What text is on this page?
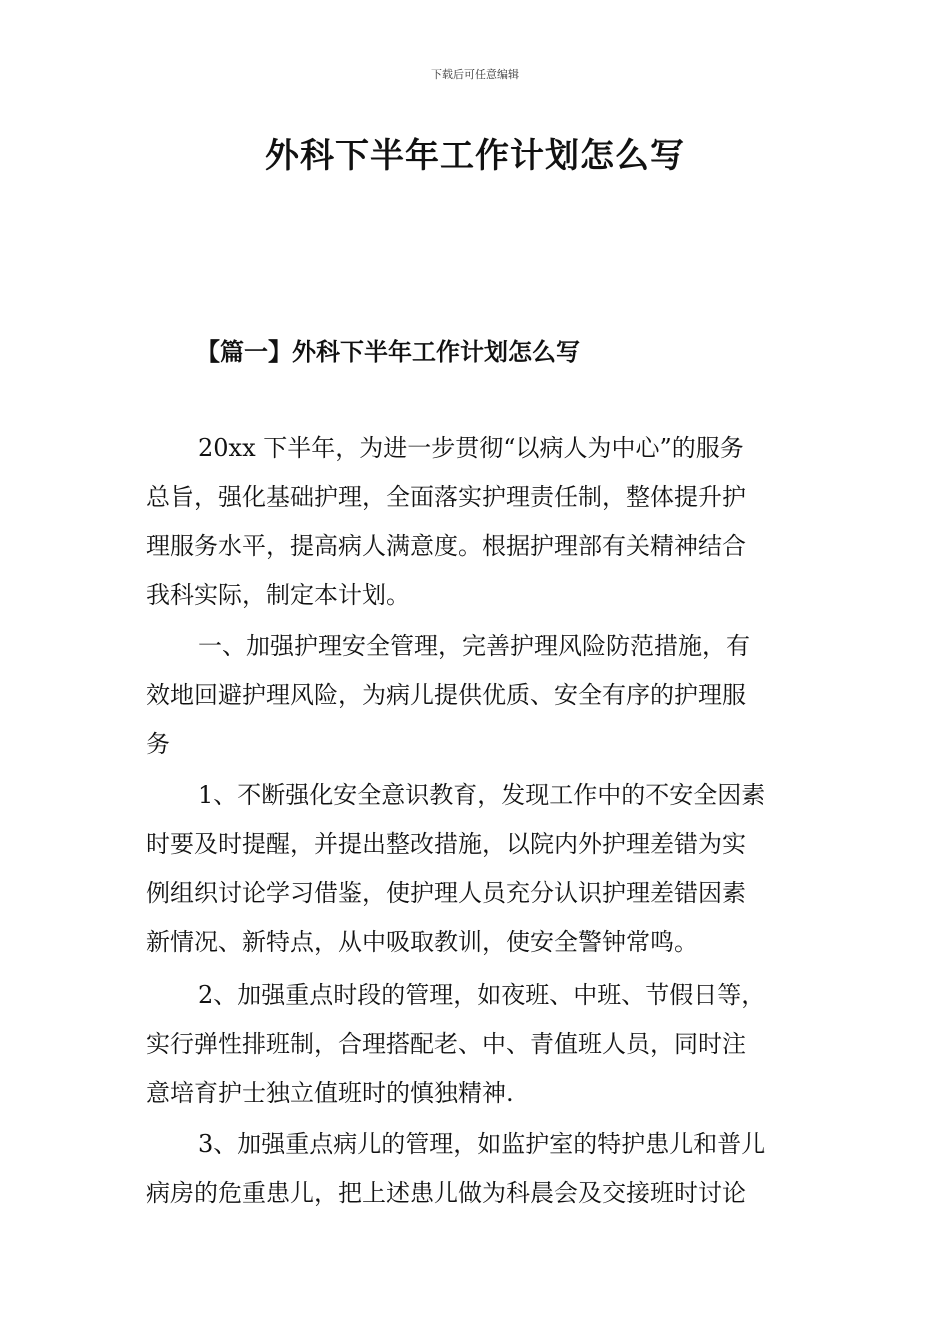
下载后可任意编辑
外科下半年工作计划怎么写
【篇一】外科下半年工作计划怎么写
20xx 下半年，为进一步贯彻“以病人为中心”的服务
总旨，强化基础护理，全面落实护理责任制，整体提升护
理服务水平，提高病人满意度。根据护理部有关精神结合
我科实际，制定本计划。
一、加强护理安全管理，完善护理风险防范措施，有
效地回避护理风险，为病儿提供优质、安全有序的护理服
务
1、不断强化安全意识教育，发现工作中的不安全因素
时要及时提醒，并提出整改措施，以院内外护理差错为实
例组织讨论学习借鉴，使护理人员充分认识护理差错因素
新情况、新特点，从中吸取教训，使安全警钟常鸣。
2、加强重点时段的管理，如夜班、中班、节假日等，
实行弹性排班制，合理搭配老、中、青值班人员，同时注
意培育护士独立值班时的慎独精神.
3、加强重点病儿的管理，如监护室的特护患儿和普儿
病房的危重患儿，把上述患儿做为科晨会及交接班时讨论
